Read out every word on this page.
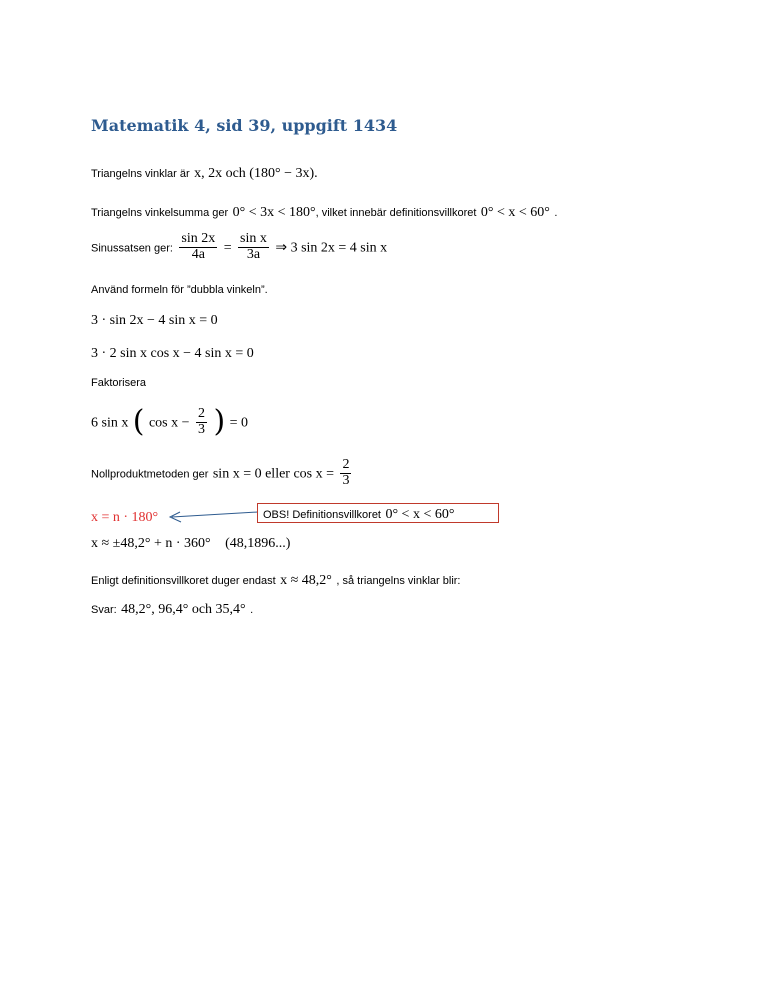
Matematik 4, sid 39, uppgift 1434
Triangelns vinklar är x, 2x och (180° − 3x).
Triangelns vinkelsumma ger 0° < 3x < 180°, vilket innebär definitionsvillkoret 0° < x < 60° .
Sinussatsen ger: $\frac{\sin 2x}{4a} = \frac{\text{sin x}}{3a}$ ⇒ 3 sin 2x = 4 sin x
Använd formeln för ”dubbla vinkeln”.
3 · sin 2x − 4 sin x = 0
3 · 2 sin x cos x − 4 sin x = 0
Faktorisera
6 sin x ( $\cos x - \frac{2}{3}$ ) = 0
Nollproduktmetoden ger sin x = 0 eller $\cos x = \frac{2}{3}$
x = n · 180°	OBS! Definitionsvillkoret 0° < x < 60°
x ≈ ±48,2° + n · 360° (48,1896...)
Enligt definitionsvillkoret duger endast x ≈ 48,2° , så triangelns vinklar blir:
Svar: 48,2°, 96,4° och 35,4° .
